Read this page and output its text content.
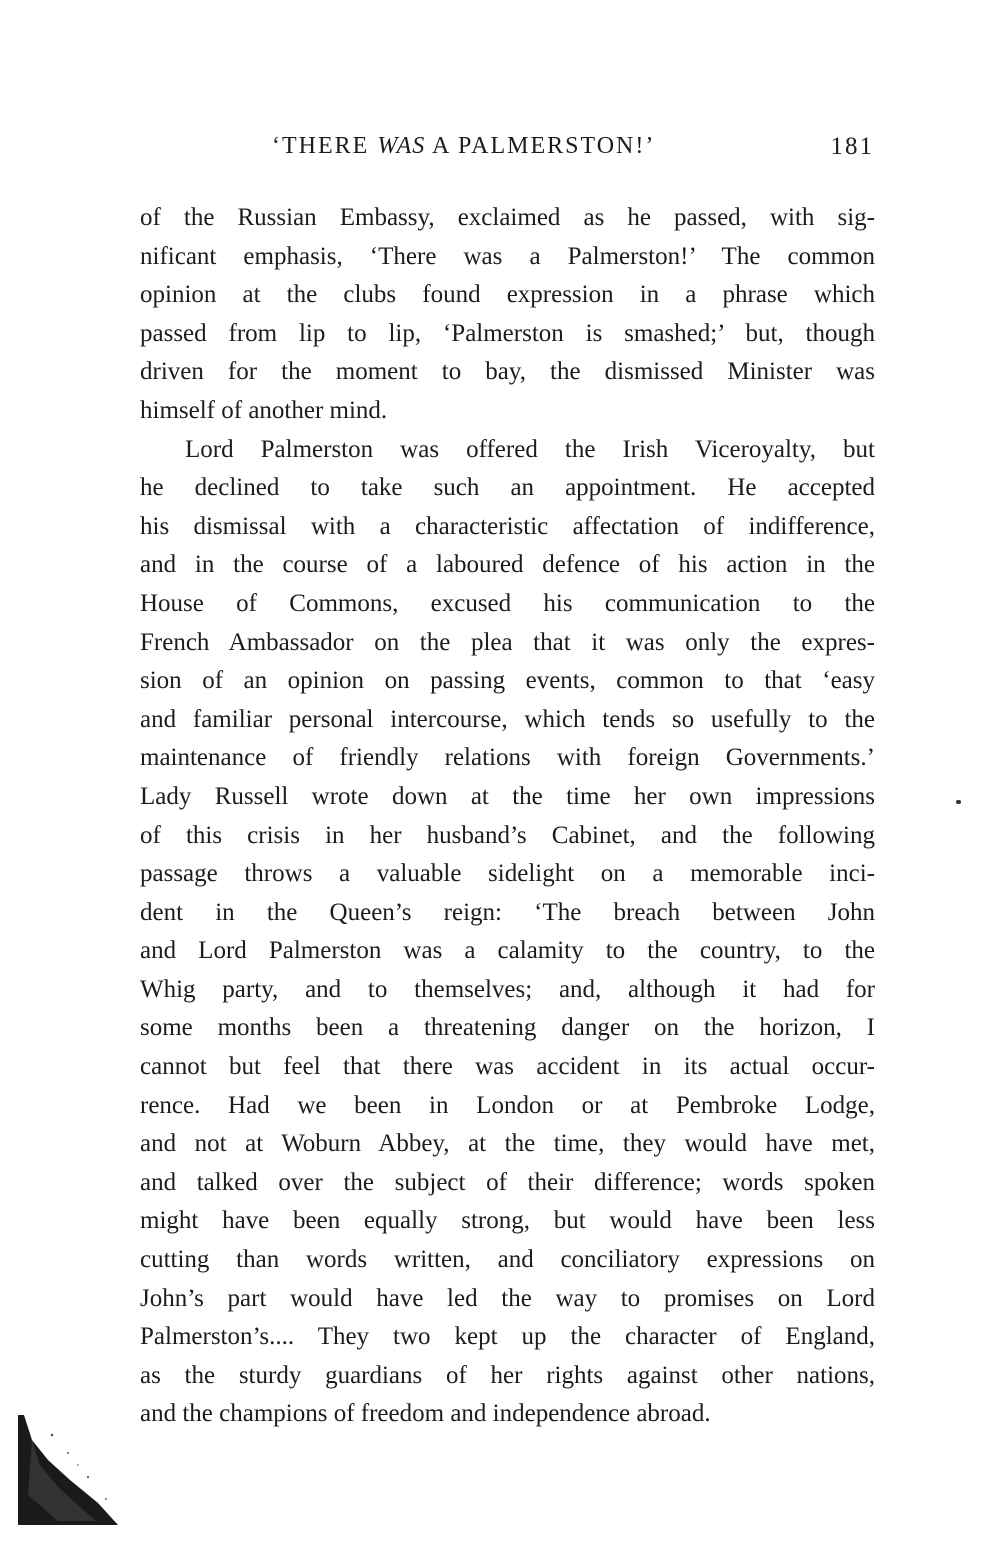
‘THERE WAS A PALMERSTON!’	181
of the Russian Embassy, exclaimed as he passed, with sig-
nificant emphasis, ‘There was a Palmerston!’ The common
opinion at the clubs found expression in a phrase which
passed from lip to lip, ‘Palmerston is smashed;’ but, though
driven for the moment to bay, the dismissed Minister was
himself of another mind.
Lord Palmerston was offered the Irish Viceroyalty, but
he declined to take such an appointment. He accepted
his dismissal with a characteristic affectation of indifference,
and in the course of a laboured defence of his action in the
House of Commons, excused his communication to the
French Ambassador on the plea that it was only the expres-
sion of an opinion on passing events, common to that ‘easy
and familiar personal intercourse, which tends so usefully to the
maintenance of friendly relations with foreign Governments.’
Lady Russell wrote down at the time her own impressions
of this crisis in her husband’s Cabinet, and the following
passage throws a valuable sidelight on a memorable inci-
dent in the Queen’s reign: ‘The breach between John
and Lord Palmerston was a calamity to the country, to the
Whig party, and to themselves; and, although it had for
some months been a threatening danger on the horizon, I
cannot but feel that there was accident in its actual occur-
rence. Had we been in London or at Pembroke Lodge,
and not at Woburn Abbey, at the time, they would have met,
and talked over the subject of their difference; words spoken
might have been equally strong, but would have been less
cutting than words written, and conciliatory expressions on
John’s part would have led the way to promises on Lord
Palmerston’s.... They two kept up the character of England,
as the sturdy guardians of her rights against other nations,
and the champions of freedom and independence abroad.
